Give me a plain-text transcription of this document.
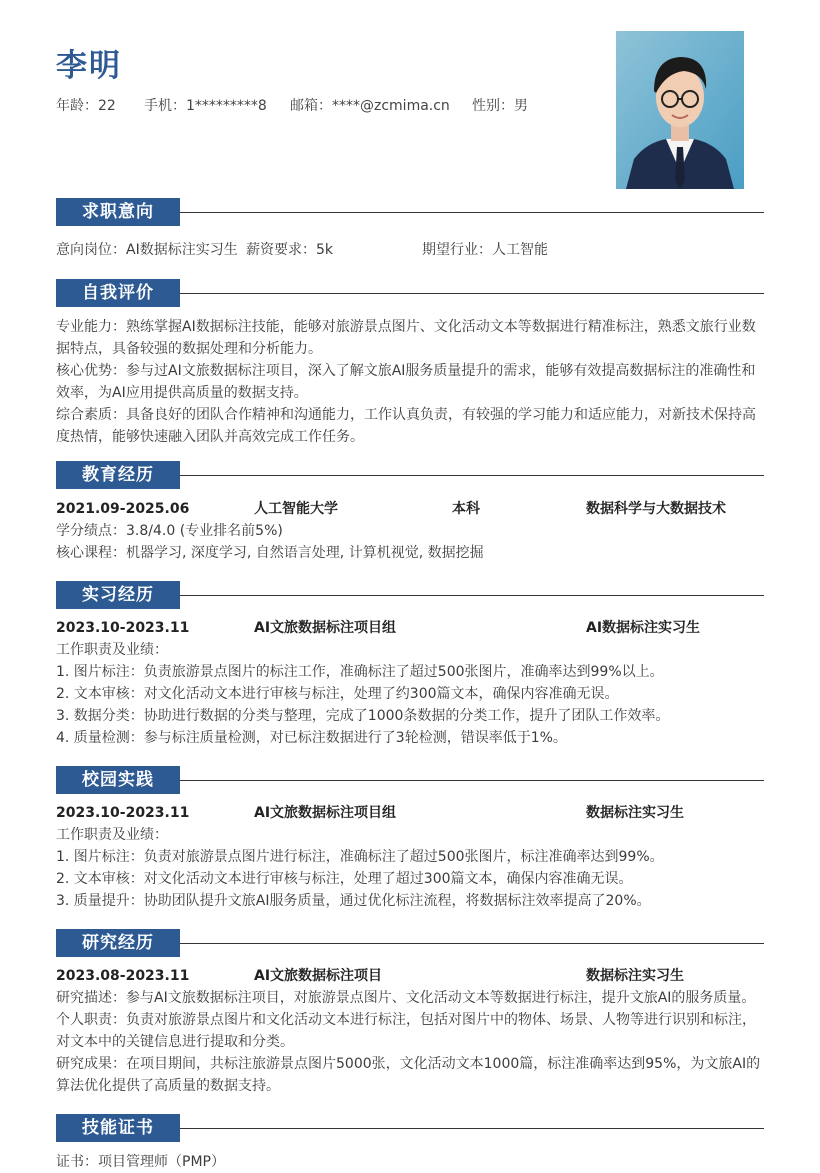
李明
年龄：22	手机：1*********8	邮箱：****@zcmima.cn	性别：男
求职意向
意向岗位：AI数据标注实习生 薪资要求：5k	期望行业：人工智能
自我评价
专业能力：熟练掌握AI数据标注技能，能够对旅游景点图片、文化活动文本等数据进行精准标注，熟悉文旅行业数据特点，具备较强的数据处理和分析能力。
核心优势：参与过AI文旅数据标注项目，深入了解文旅AI服务质量提升的需求，能够有效提高数据标注的准确性和效率，为AI应用提供高质量的数据支持。
综合素质：具备良好的团队合作精神和沟通能力，工作认真负责，有较强的学习能力和适应能力，对新技术保持高度热情，能够快速融入团队并高效完成工作任务。
教育经历
2021.09-2025.06	人工智能大学	本科	数据科学与大数据技术
学分绩点：3.8/4.0 (专业排名前5%)
核心课程：机器学习, 深度学习, 自然语言处理, 计算机视觉, 数据挖掘
实习经历
2023.10-2023.11	AI文旅数据标注项目组	AI数据标注实习生
工作职责及业绩：
1. 图片标注：负责旅游景点图片的标注工作，准确标注了超过500张图片，准确率达到99%以上。
2. 文本审核：对文化活动文本进行审核与标注，处理了约300篇文本，确保内容准确无误。
3. 数据分类：协助进行数据的分类与整理，完成了1000条数据的分类工作，提升了团队工作效率。
4. 质量检测：参与标注质量检测，对已标注数据进行了3轮检测，错误率低于1%。
校园实践
2023.10-2023.11	AI文旅数据标注项目组	数据标注实习生
工作职责及业绩：
1. 图片标注：负责对旅游景点图片进行标注，准确标注了超过500张图片，标注准确率达到99%。
2. 文本审核：对文化活动文本进行审核与标注，处理了超过300篇文本，确保内容准确无误。
3. 质量提升：协助团队提升文旅AI服务质量，通过优化标注流程，将数据标注效率提高了20%。
研究经历
2023.08-2023.11	AI文旅数据标注项目	数据标注实习生
研究描述：参与AI文旅数据标注项目，对旅游景点图片、文化活动文本等数据进行标注，提升文旅AI的服务质量。
个人职责：负责对旅游景点图片和文化活动文本进行标注，包括对图片中的物体、场景、人物等进行识别和标注，对文本中的关键信息进行提取和分类。
研究成果：在项目期间，共标注旅游景点图片5000张，文化活动文本1000篇，标注准确率达到95%，为文旅AI的算法优化提供了高质量的数据支持。
技能证书
证书：项目管理师（PMP）
